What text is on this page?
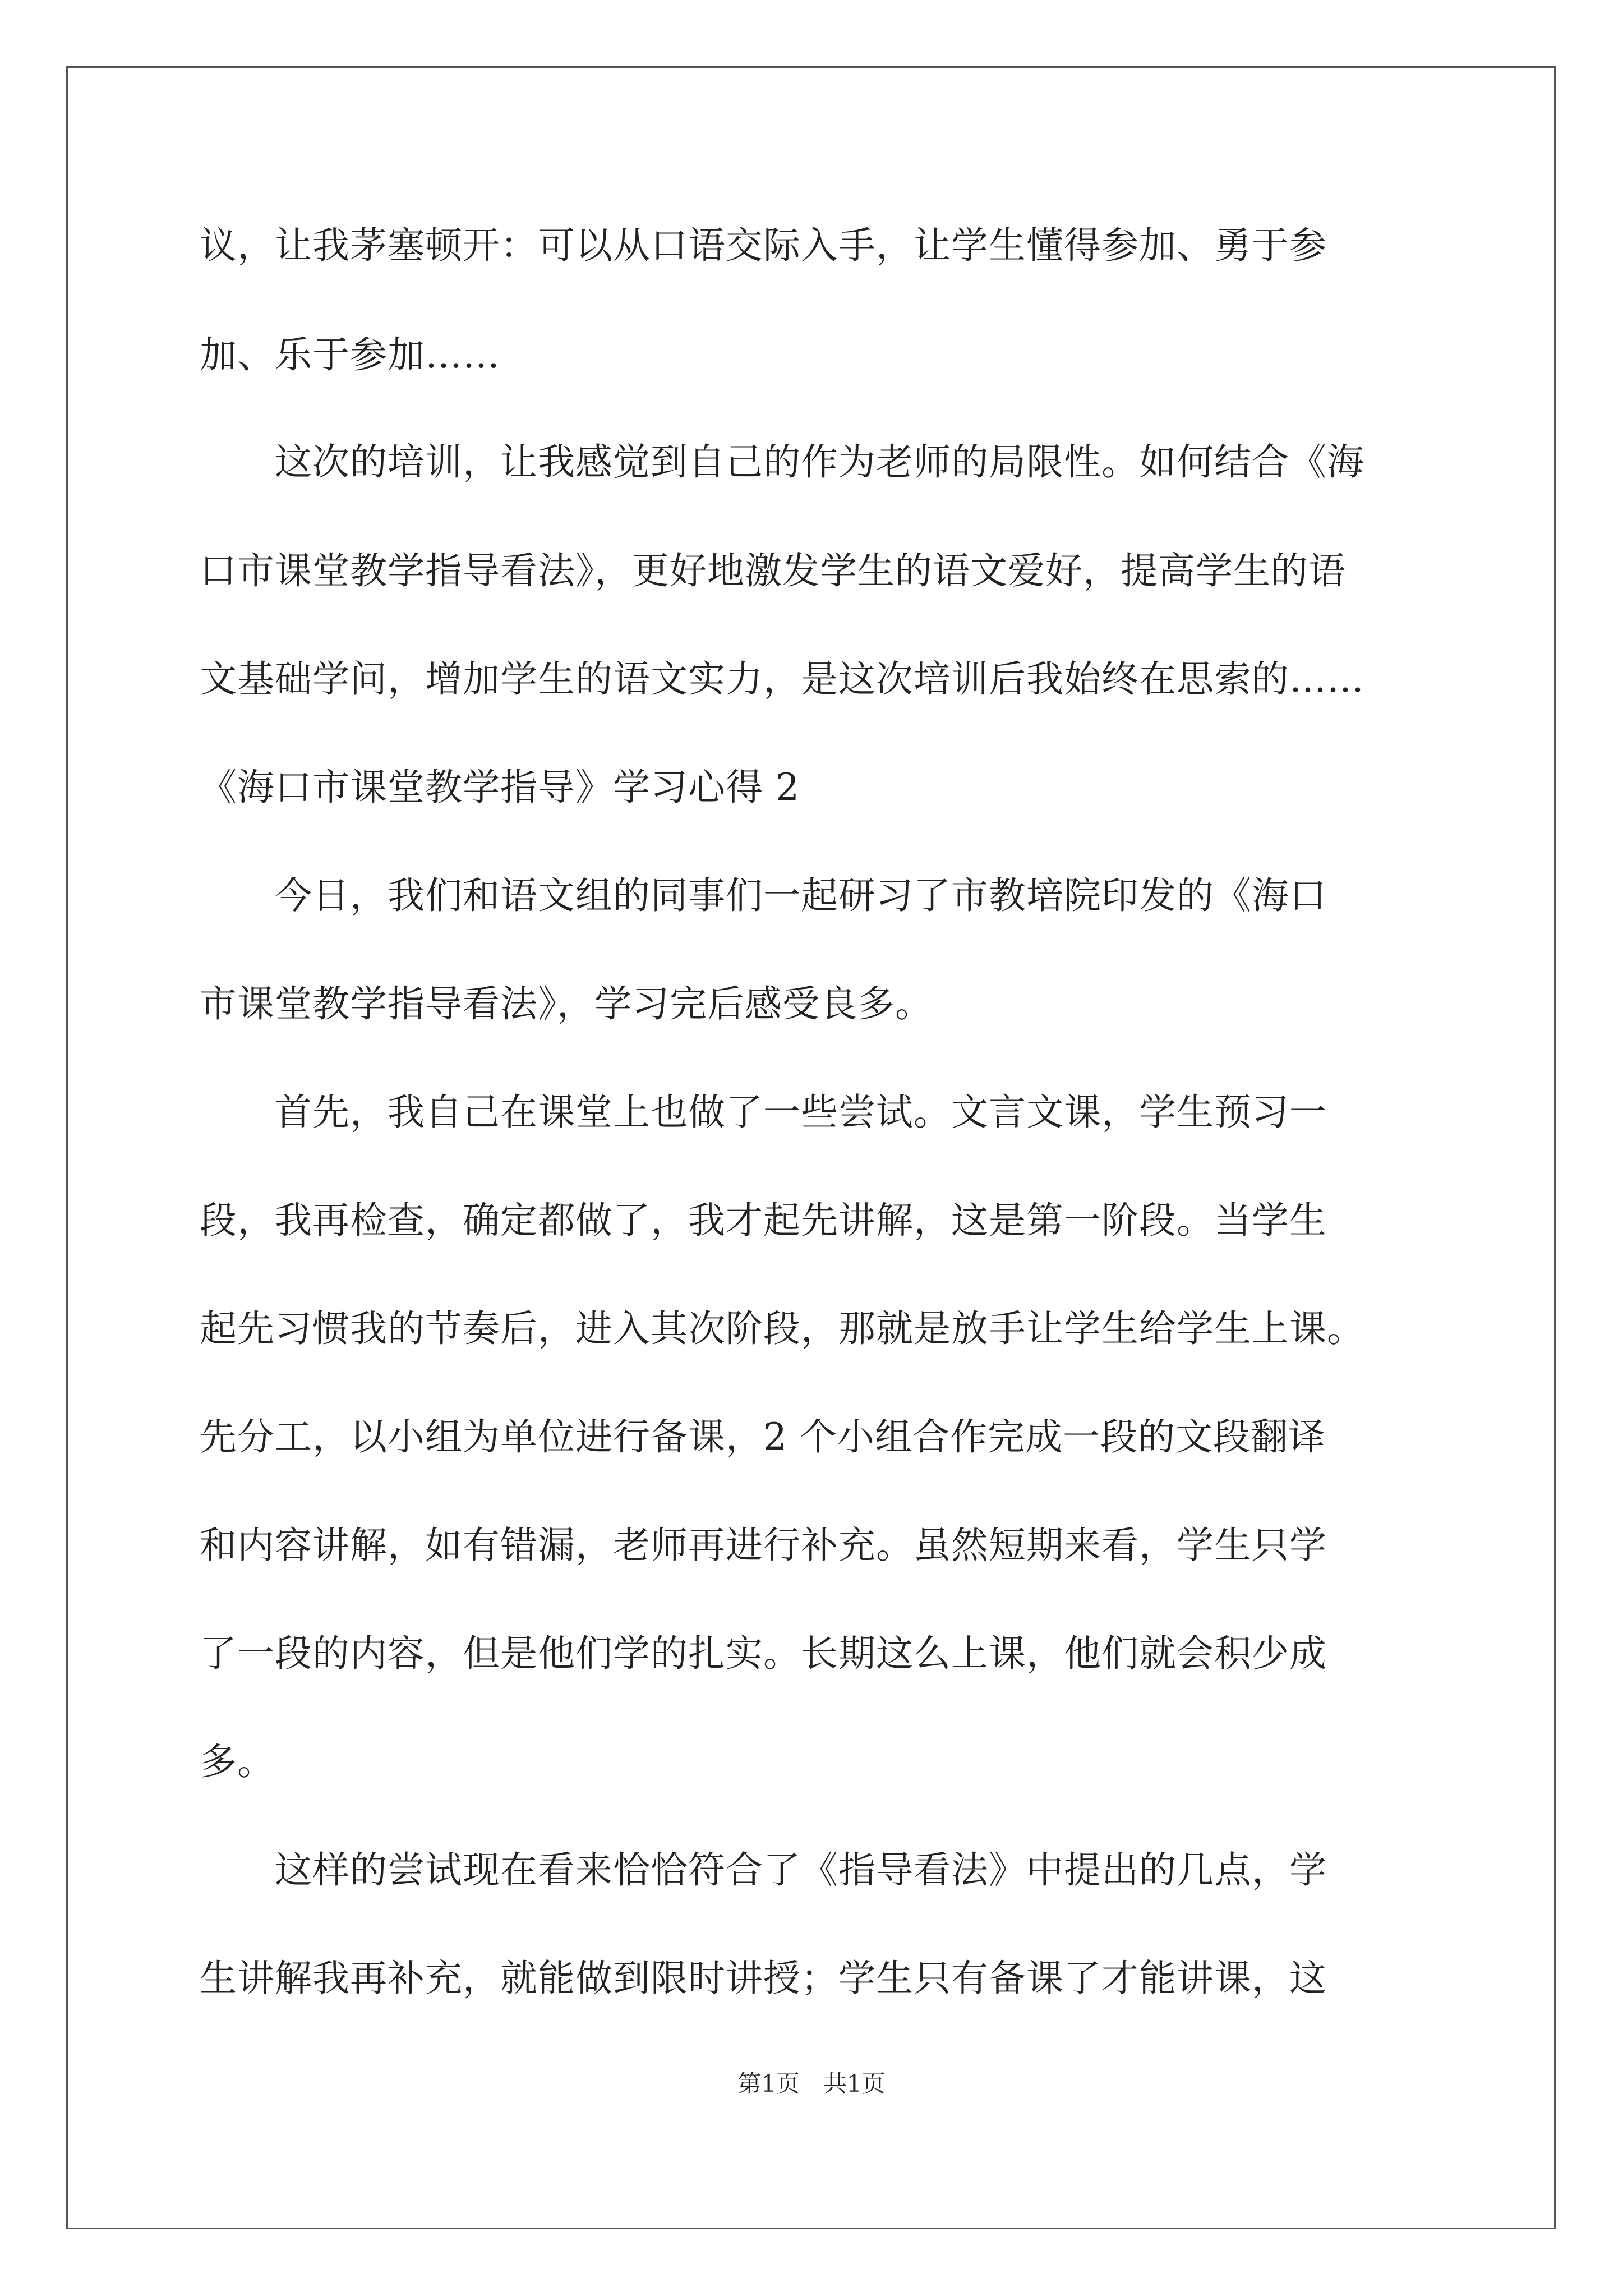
议，让我茅塞顿开：可以从口语交际入手，让学生懂得参加、勇于参
加、乐于参加……
　　这次的培训，让我感觉到自己的作为老师的局限性。如何结合《海
口市课堂教学指导看法》，更好地激发学生的语文爱好，提高学生的语
文基础学问，增加学生的语文实力，是这次培训后我始终在思索的……
《海口市课堂教学指导》学习心得 2
　　今日，我们和语文组的同事们一起研习了市教培院印发的《海口
市课堂教学指导看法》，学习完后感受良多。
　　首先，我自己在课堂上也做了一些尝试。文言文课，学生预习一
段，我再检查，确定都做了，我才起先讲解，这是第一阶段。当学生
起先习惯我的节奏后，进入其次阶段，那就是放手让学生给学生上课。
先分工，以小组为单位进行备课，2 个小组合作完成一段的文段翻译
和内容讲解，如有错漏，老师再进行补充。虽然短期来看，学生只学
了一段的内容，但是他们学的扎实。长期这么上课，他们就会积少成
多。
　　这样的尝试现在看来恰恰符合了《指导看法》中提出的几点，学
生讲解我再补充，就能做到限时讲授；学生只有备课了才能讲课，这
第1页　共1页
